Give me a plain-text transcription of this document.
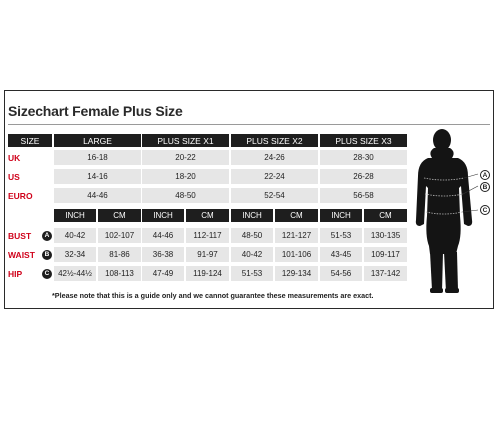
Sizechart Female Plus Size
SIZE	LARGE	PLUS SIZE X1	PLUS SIZE X2	PLUS SIZE X3
UK	16-18	20-22	24-26	28-30
US	14-16	18-20	22-24	26-28
EURO	44-46	48-50	52-54	56-58
INCH	CM	INCH	CM	INCH	CM	INCH	CM
BUST	A	40-42	102-107	44-46	112-117	48-50	121-127	51-53	130-135
WAIST	B	32-34	81-86	36-38	91-97	40-42	101-106	43-45	109-117
HIP	C	42½-44½	108-113	47-49	119-124	51-53	129-134	54-56	137-142
*Please note that this is a guide only and we cannot guarantee these measurements are exact.
A
B
C
